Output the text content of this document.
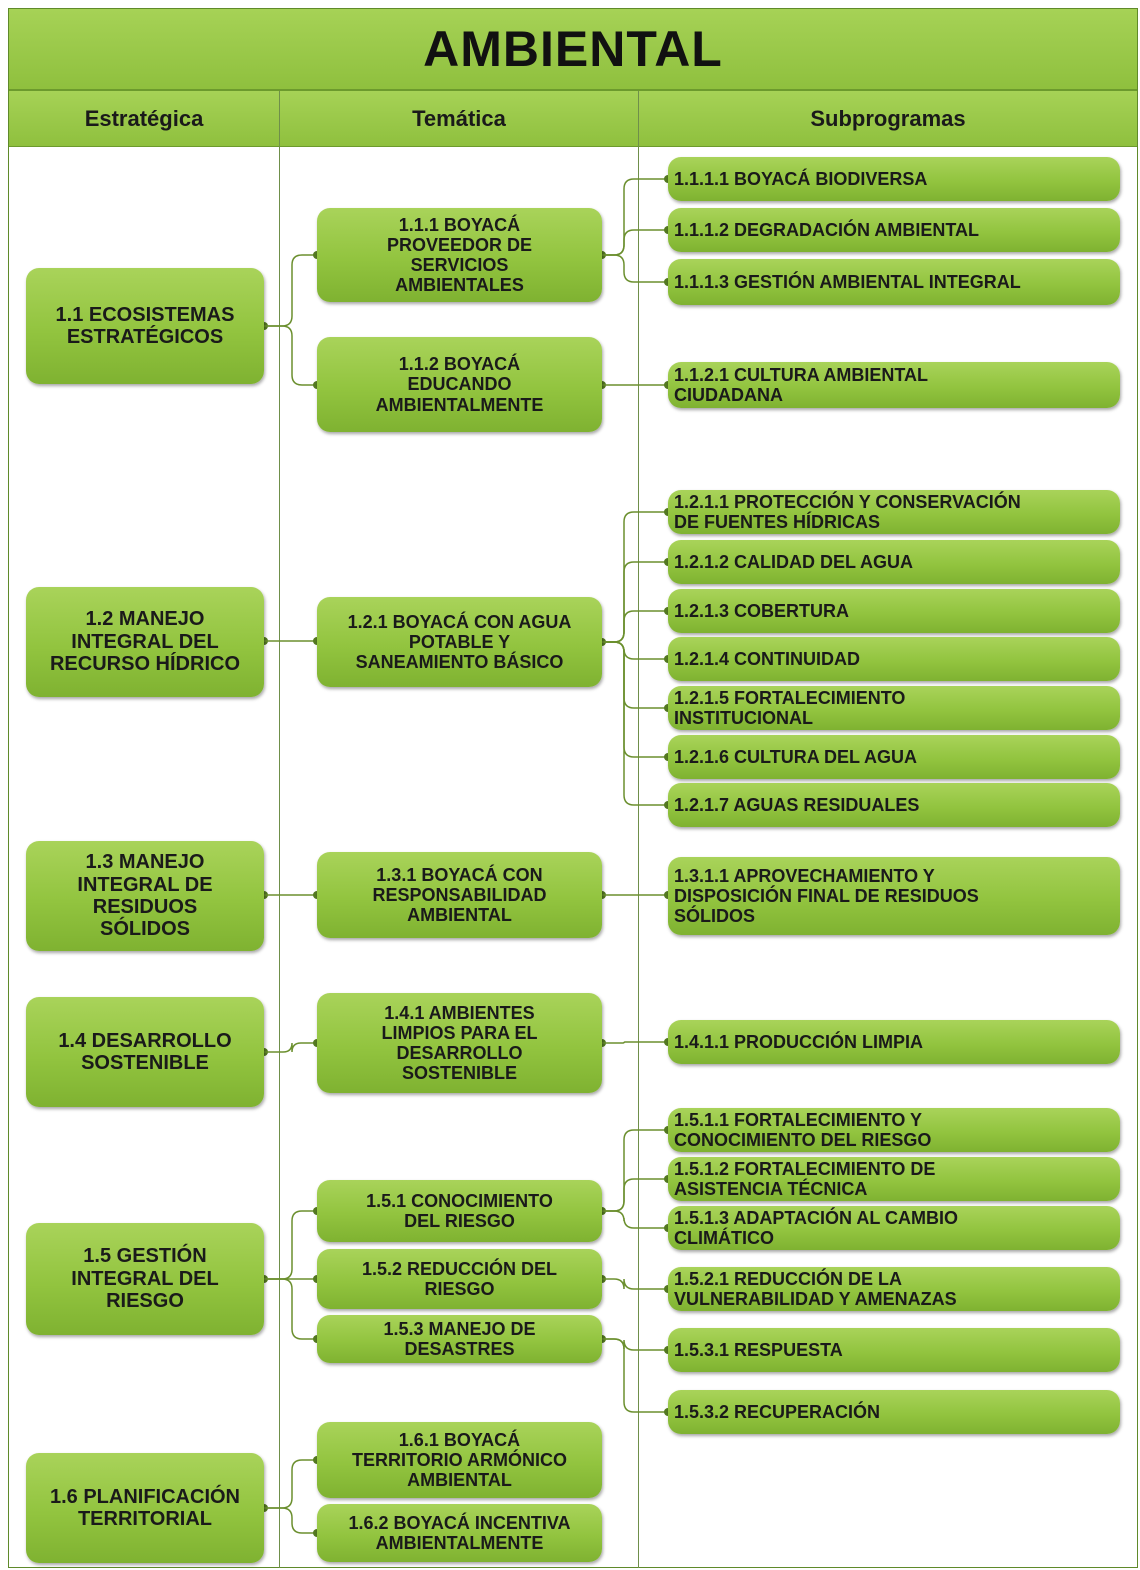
AMBIENTAL
Estratégica	Temática	Subprogramas
1.1 ECOSISTEMAS
ESTRATÉGICOS
1.2 MANEJO
INTEGRAL DEL
RECURSO HÍDRICO
1.3 MANEJO
INTEGRAL DE
RESIDUOS
SÓLIDOS
1.4 DESARROLLO
SOSTENIBLE
1.5 GESTIÓN
INTEGRAL DEL
RIESGO
1.6 PLANIFICACIÓN
TERRITORIAL
1.1.1 BOYACÁ
PROVEEDOR DE
SERVICIOS
AMBIENTALES
1.1.2 BOYACÁ
EDUCANDO
AMBIENTALMENTE
1.2.1 BOYACÁ CON AGUA
POTABLE Y
SANEAMIENTO BÁSICO
1.3.1 BOYACÁ CON
RESPONSABILIDAD
AMBIENTAL
1.4.1 AMBIENTES
LIMPIOS PARA EL
DESARROLLO
SOSTENIBLE
1.5.1 CONOCIMIENTO
DEL RIESGO
1.5.2 REDUCCIÓN DEL
RIESGO
1.5.3 MANEJO DE
DESASTRES
1.6.1 BOYACÁ
TERRITORIO ARMÓNICO
AMBIENTAL
1.6.2 BOYACÁ INCENTIVA
AMBIENTALMENTE
1.1.1.1 BOYACÁ BIODIVERSA
1.1.1.2 DEGRADACIÓN AMBIENTAL
1.1.1.3 GESTIÓN AMBIENTAL INTEGRAL
1.1.2.1 CULTURA AMBIENTAL
CIUDADANA
1.2.1.1 PROTECCIÓN Y CONSERVACIÓN
DE FUENTES HÍDRICAS
1.2.1.2 CALIDAD DEL AGUA
1.2.1.3 COBERTURA
1.2.1.4 CONTINUIDAD
1.2.1.5 FORTALECIMIENTO
INSTITUCIONAL
1.2.1.6 CULTURA DEL AGUA
1.2.1.7 AGUAS RESIDUALES
1.3.1.1 APROVECHAMIENTO Y
DISPOSICIÓN FINAL DE RESIDUOS
SÓLIDOS
1.4.1.1 PRODUCCIÓN LIMPIA
1.5.1.1 FORTALECIMIENTO Y
CONOCIMIENTO DEL RIESGO
1.5.1.2 FORTALECIMIENTO DE
ASISTENCIA TÉCNICA
1.5.1.3 ADAPTACIÓN AL CAMBIO
CLIMÁTICO
1.5.2.1 REDUCCIÓN DE LA
VULNERABILIDAD Y AMENAZAS
1.5.3.1 RESPUESTA
1.5.3.2 RECUPERACIÓN
